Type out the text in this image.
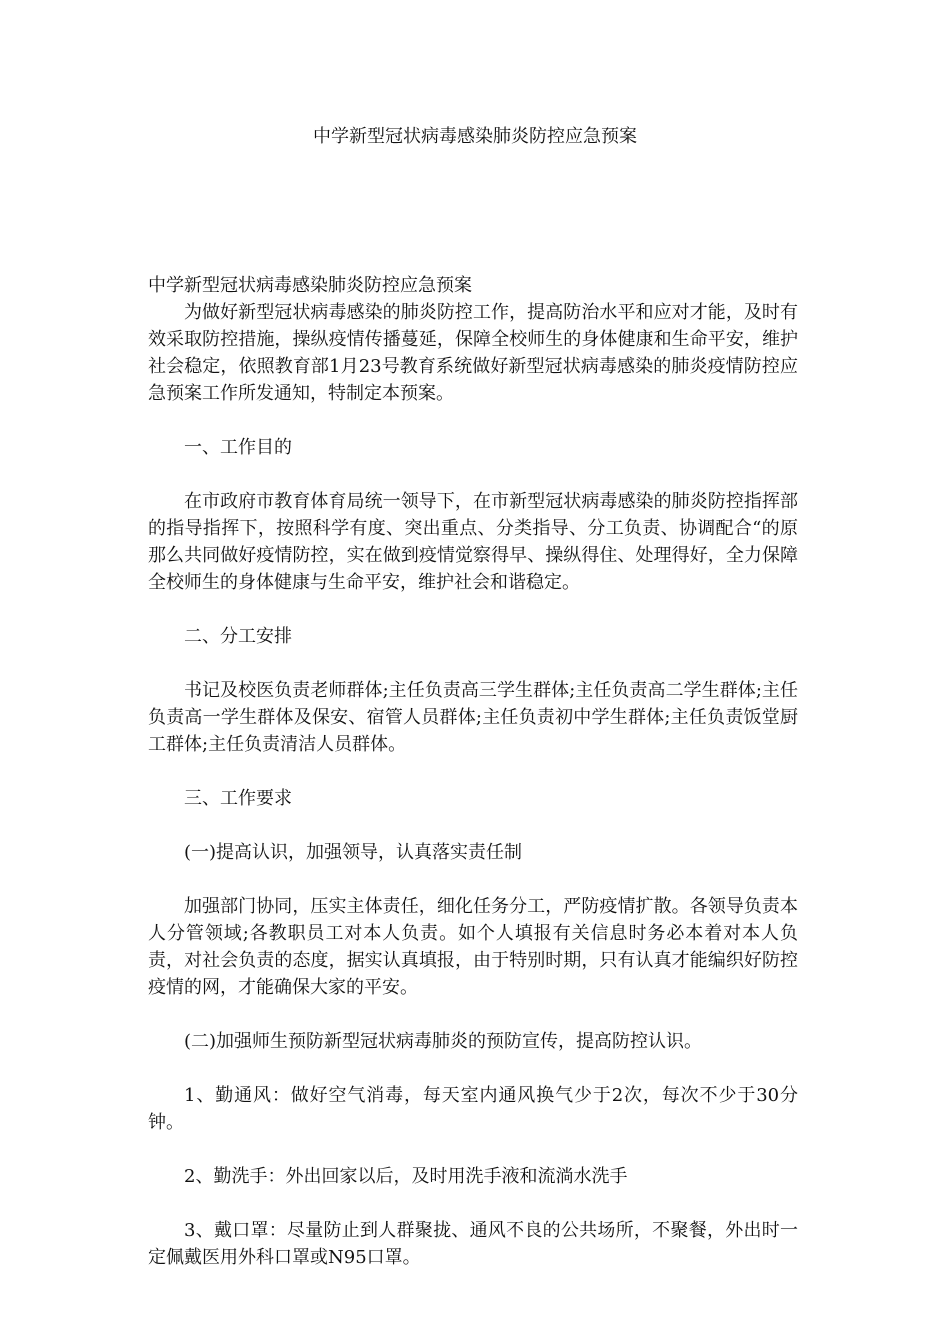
中学新型冠状病毒感染肺炎防控应急预案

中学新型冠状病毒感染肺炎防控应急预案

为做好新型冠状病毒感染的肺炎防控工作，提高防治水平和应对才能，及时有效采取防控措施，操纵疫情传播蔓延，保障全校师生的身体健康和生命平安，维护社会稳定，依照教育部1月23号教育系统做好新型冠状病毒感染的肺炎疫情防控应急预案工作所发通知，特制定本预案。

一、工作目的

在市政府市教育体育局统一领导下，在市新型冠状病毒感染的肺炎防控指挥部的指导指挥下，按照科学有度、突出重点、分类指导、分工负责、协调配合“的原那么共同做好疫情防控，实在做到疫情觉察得早、操纵得住、处理得好，全力保障全校师生的身体健康与生命平安，维护社会和谐稳定。

二、分工安排

书记及校医负责老师群体;主任负责高三学生群体;主任负责高二学生群体;主任负责高一学生群体及保安、宿管人员群体;主任负责初中学生群体;主任负责饭堂厨工群体;主任负责清洁人员群体。

三、工作要求

(一)提高认识，加强领导，认真落实责任制

加强部门协同，压实主体责任，细化任务分工，严防疫情扩散。各领导负责本人分管领域;各教职员工对本人负责。如个人填报有关信息时务必本着对本人负责，对社会负责的态度，据实认真填报，由于特别时期，只有认真才能编织好防控疫情的网，才能确保大家的平安。

(二)加强师生预防新型冠状病毒肺炎的预防宣传，提高防控认识。

1、勤通风：做好空气消毒，每天室内通风换气少于2次，每次不少于30分钟。

2、勤洗手：外出回家以后，及时用洗手液和流淌水洗手

3、戴口罩：尽量防止到人群聚拢、通风不良的公共场所，不聚餐，外出时一定佩戴医用外科口罩或N95口罩。
